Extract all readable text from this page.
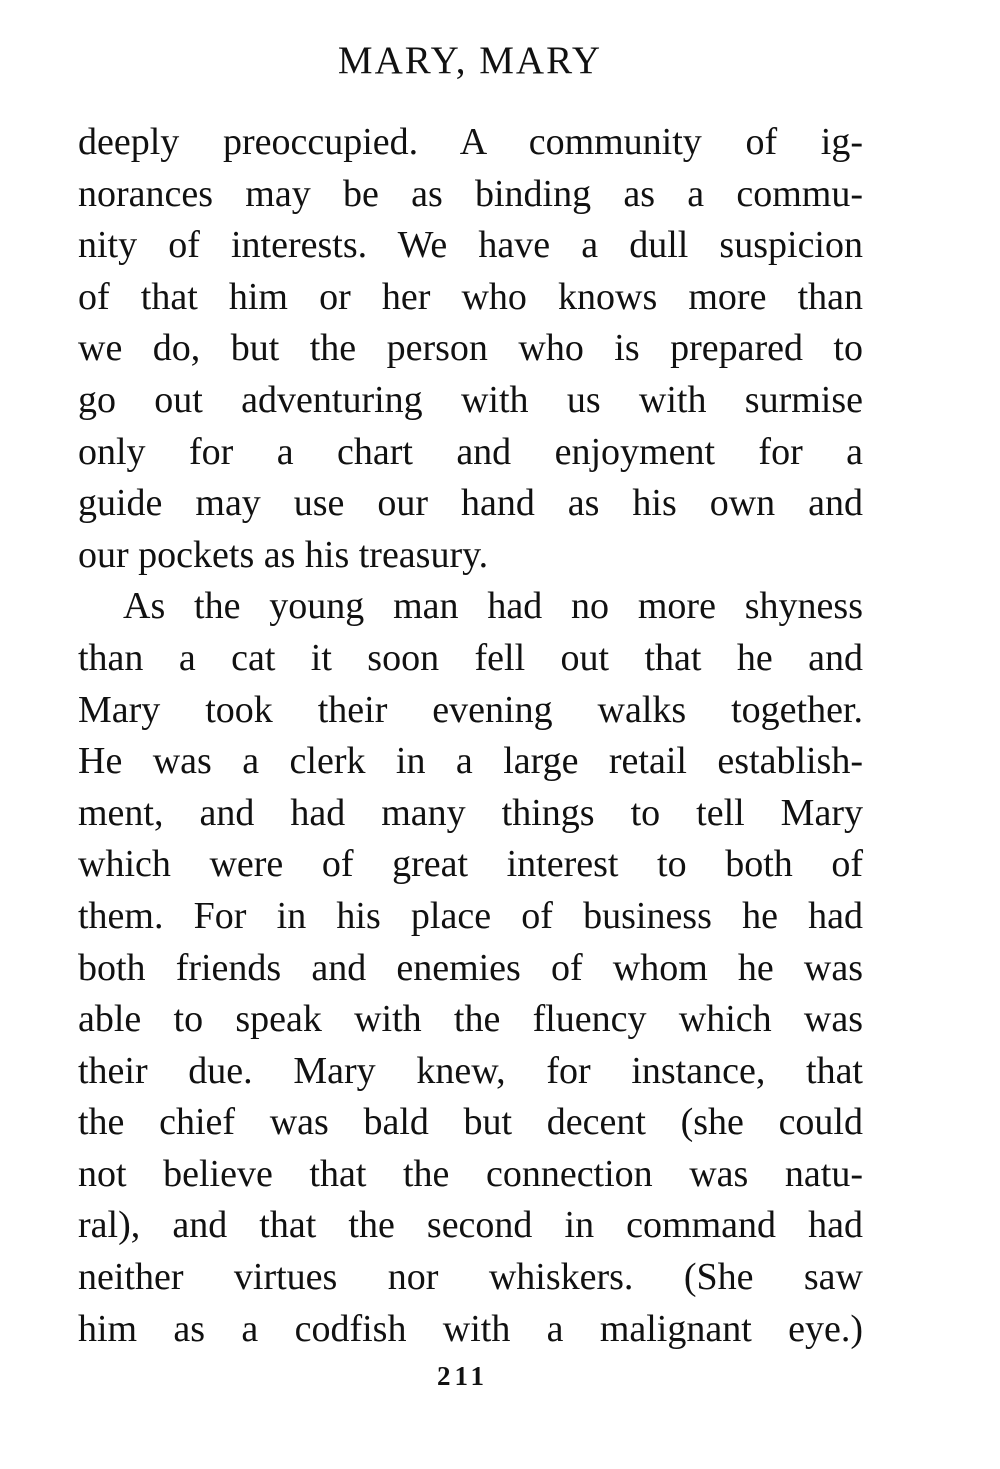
MARY, MARY
deeply preoccupied. A community of ig-
norances may be as binding as a commu-
nity of interests. We have a dull suspicion
of that him or her who knows more than
we do, but the person who is prepared to
go out adventuring with us with surmise
only for a chart and enjoyment for a
guide may use our hand as his own and
our pockets as his treasury.
As the young man had no more shyness
than a cat it soon fell out that he and
Mary took their evening walks together.
He was a clerk in a large retail establish-
ment, and had many things to tell Mary
which were of great interest to both of
them. For in his place of business he had
both friends and enemies of whom he was
able to speak with the fluency which was
their due. Mary knew, for instance, that
the chief was bald but decent (she could
not believe that the connection was natu-
ral), and that the second in command had
neither virtues nor whiskers. (She saw
him as a codfish with a malignant eye.)
211
